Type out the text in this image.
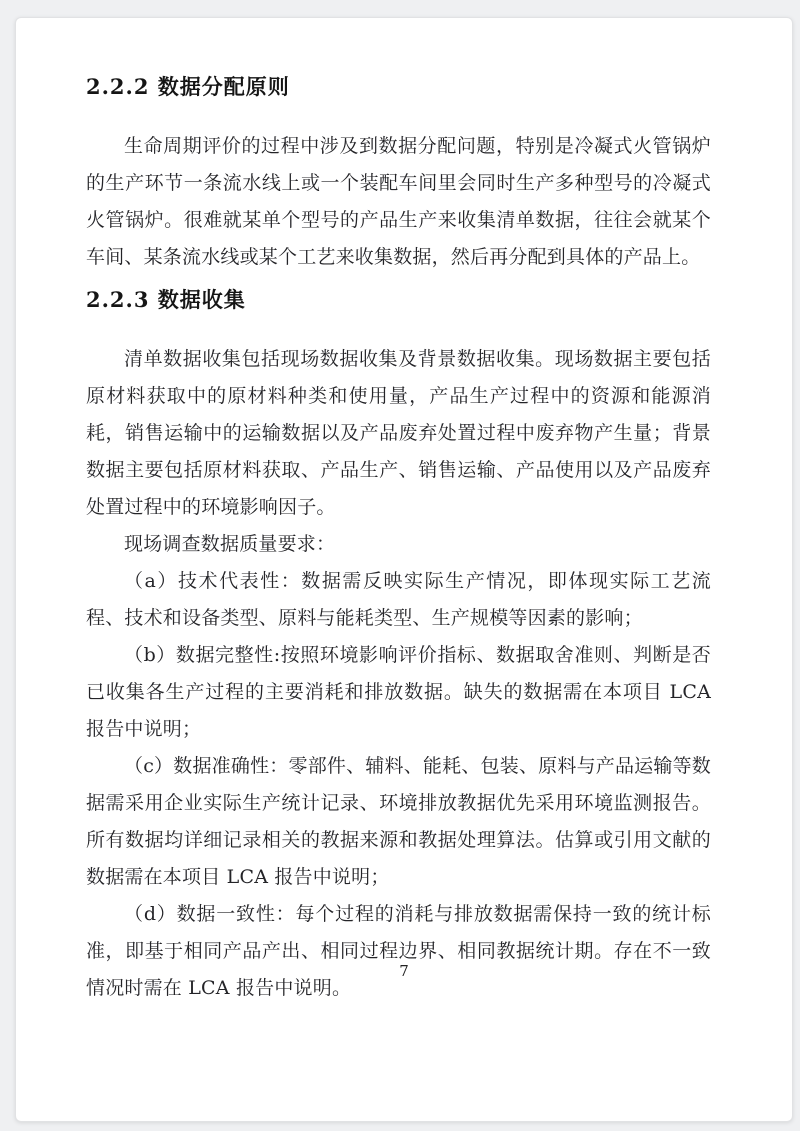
2.2.2 数据分配原则
生命周期评价的过程中涉及到数据分配问题，特别是冷凝式火管锅炉的生产环节一条流水线上或一个装配车间里会同时生产多种型号的冷凝式火管锅炉。很难就某单个型号的产品生产来收集清单数据，往往会就某个车间、某条流水线或某个工艺来收集数据，然后再分配到具体的产品上。
2.2.3 数据收集
清单数据收集包括现场数据收集及背景数据收集。现场数据主要包括原材料获取中的原材料种类和使用量，产品生产过程中的资源和能源消耗，销售运输中的运输数据以及产品废弃处置过程中废弃物产生量；背景数据主要包括原材料获取、产品生产、销售运输、产品使用以及产品废弃处置过程中的环境影响因子。
现场调查数据质量要求：
（a）技术代表性：数据需反映实际生产情况，即体现实际工艺流程、技术和设备类型、原料与能耗类型、生产规模等因素的影响；
（b）数据完整性:按照环境影响评价指标、数据取舍准则、判断是否已收集各生产过程的主要消耗和排放数据。缺失的数据需在本项目 LCA 报告中说明；
（c）数据准确性：零部件、辅料、能耗、包装、原料与产品运输等数据需采用企业实际生产统计记录、环境排放教据优先采用环境监测报告。所有数据均详细记录相关的教据来源和教据处理算法。估算或引用文献的数据需在本项目 LCA 报告中说明；
（d）数据一致性：每个过程的消耗与排放数据需保持一致的统计标准，即基于相同产品产出、相同过程边界、相同教据统计期。存在不一致情况时需在 LCA 报告中说明。
7
